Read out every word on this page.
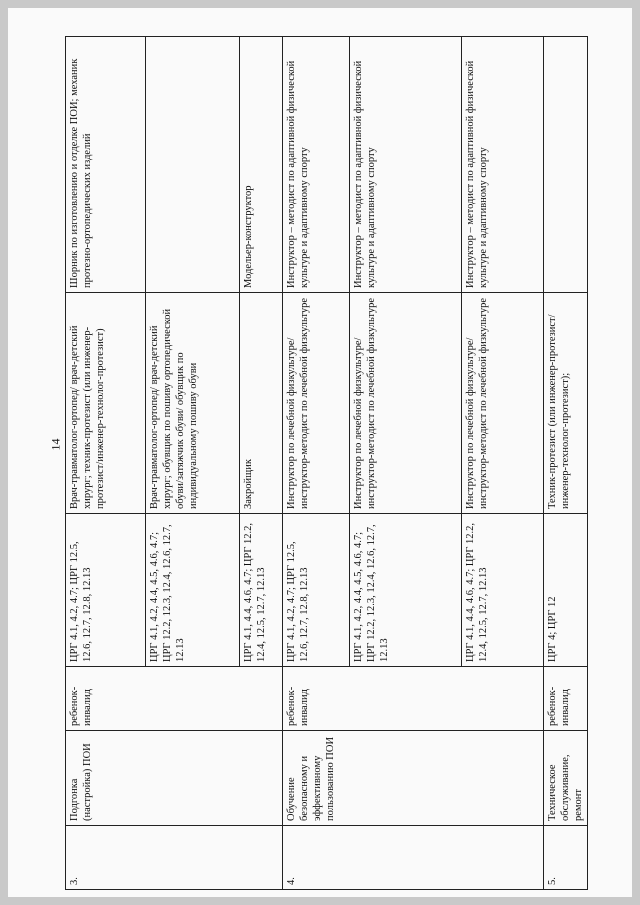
14
3.	Подгонка (настройка) ПОИ	ребенок-инвалид	ЦРГ 4.1, 4.2, 4.7; ЦРГ 12.5, 12.6, 12.7, 12.8, 12.13	Врач-травматолог-ортопед/ врач-детский хирург; техник-протезист (или инженер-протезист/инженер-технолог-протезист)	Шорник по изготовлению и отделке ПОИ; механик протезно-ортопедических изделий
			ЦРГ 4.1, 4.2, 4.4, 4.5, 4.6, 4.7; ЦРГ 12.2, 12.3, 12.4, 12.6, 12.7, 12.13	Врач-травматолог-ортопед/ врач-детский хирург; обувщик по пошиву ортопедической обуви/затяжчик обуви/ обувщик по индивидуальному пошиву обуви	
			ЦРГ 4.1, 4.4, 4.6, 4.7; ЦРГ 12.2, 12.4, 12.5, 12.7, 12.13	Закройщик	Модельер-конструктор
4.	Обучение безопасному и эффективному пользованию ПОИ	ребенок-инвалид	ЦРГ 4.1, 4.2, 4.7; ЦРГ 12.5, 12.6, 12.7, 12.8, 12.13	Инструктор по лечебной физкультуре/ инструктор-методист по лечебной физкультуре	Инструктор – методист по адаптивной физической культуре и адаптивному спорту
			ЦРГ 4.1, 4.2, 4.4, 4.5, 4.6, 4.7; ЦРГ 12.2, 12.3, 12.4, 12.6, 12.7, 12.13	Инструктор по лечебной физкультуре/ инструктор-методист по лечебной физкультуре	Инструктор – методист по адаптивной физической культуре и адаптивному спорту
			ЦРГ 4.1, 4.4, 4.6, 4.7; ЦРГ 12.2, 12.4, 12.5, 12.7, 12.13	Инструктор по лечебной физкультуре/ инструктор-методист по лечебной физкультуре	Инструктор – методист по адаптивной физической культуре и адаптивному спорту
5.	Техническое обслуживание, ремонт	ребенок-инвалид	ЦРГ 4; ЦРГ 12	Техник-протезист (или инженер-протезист/инженер-технолог-протезист);	
